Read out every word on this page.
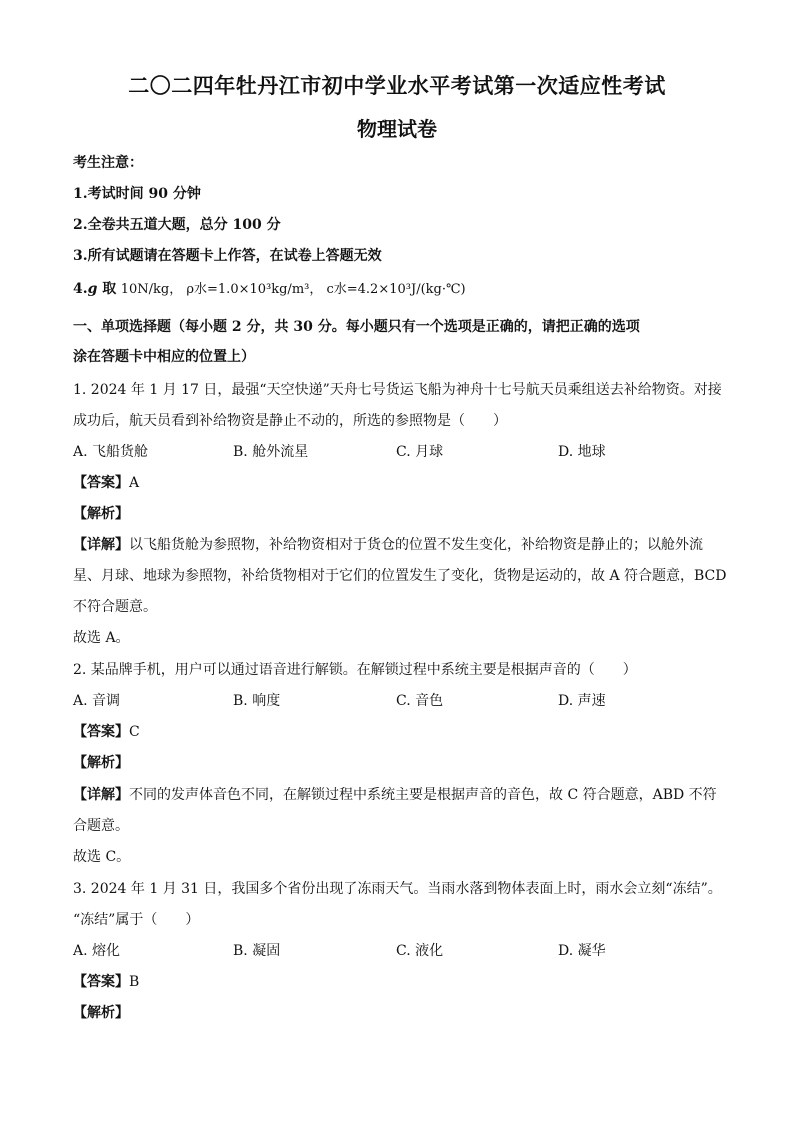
二〇二四年牡丹江市初中学业水平考试第一次适应性考试
物理试卷
考生注意：
1.考试时间 90 分钟
2.全卷共五道大题，总分 100 分
3.所有试题请在答题卡上作答，在试卷上答题无效
4.g 取 10N/kg， ρ水=1.0×10³kg/m³， c水=4.2×10³J/(kg·℃)
一、单项选择题（每小题 2 分，共 30 分。每小题只有一个选项是正确的，请把正确的选项
涂在答题卡中相应的位置上）
1. 2024 年 1 月 17 日，最强“天空快递”天舟七号货运飞船为神舟十七号航天员乘组送去补给物资。对接
成功后，航天员看到补给物资是静止不动的，所选的参照物是（　　）
A. 飞船货舱	B. 舱外流星	C. 月球	D. 地球
【答案】A
【解析】
【详解】以飞船货舱为参照物，补给物资相对于货仓的位置不发生变化，补给物资是静止的；以舱外流
星、月球、地球为参照物，补给货物相对于它们的位置发生了变化，货物是运动的，故 A 符合题意，BCD
不符合题意。
故选 A。
2. 某品牌手机，用户可以通过语音进行解锁。在解锁过程中系统主要是根据声音的（　　）
A. 音调	B. 响度	C. 音色	D. 声速
【答案】C
【解析】
【详解】不同的发声体音色不同，在解锁过程中系统主要是根据声音的音色，故 C 符合题意，ABD 不符
合题意。
故选 C。
3. 2024 年 1 月 31 日，我国多个省份出现了冻雨天气。当雨水落到物体表面上时，雨水会立刻“冻结”。
“冻结”属于（　　）
A. 熔化	B. 凝固	C. 液化	D. 凝华
【答案】B
【解析】
